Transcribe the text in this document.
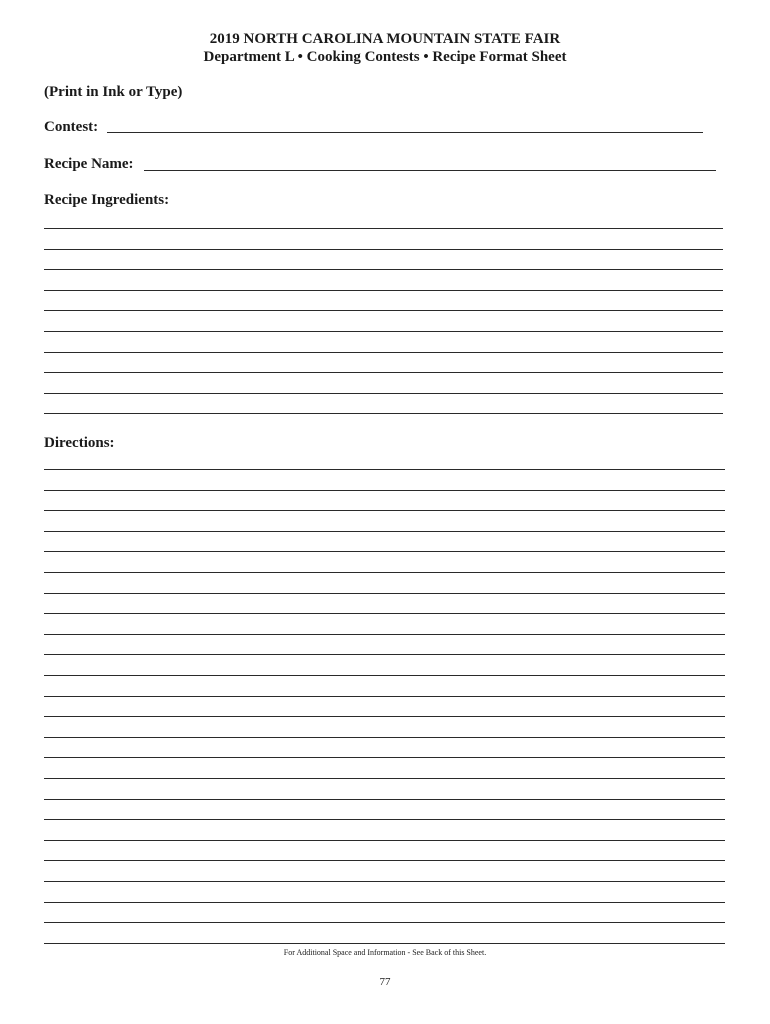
2019 NORTH CAROLINA MOUNTAIN STATE FAIR
Department L • Cooking Contests • Recipe Format Sheet
(Print in Ink or Type)
Contest:
Recipe Name:
Recipe Ingredients:
Directions:
For Additional Space and Information - See Back of this Sheet.
77
